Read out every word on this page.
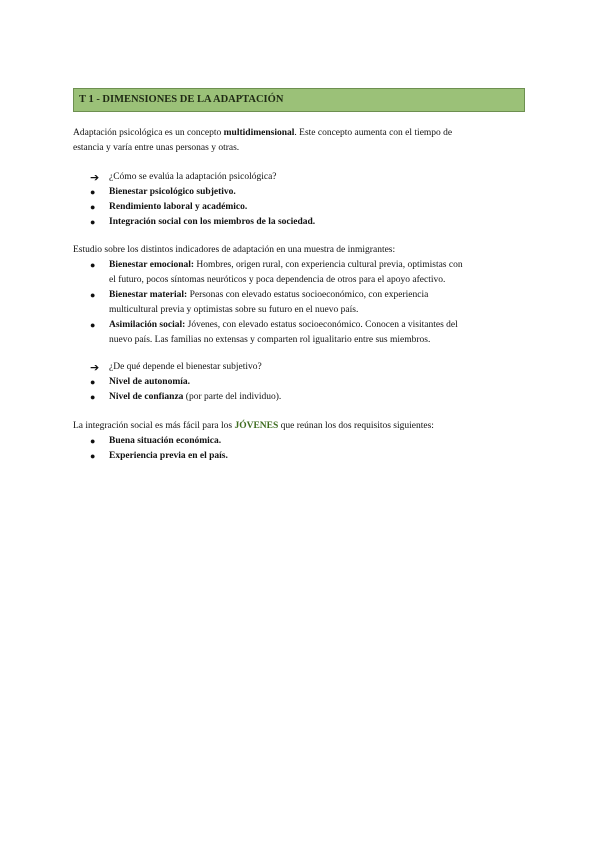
T 1 - DIMENSIONES DE LA ADAPTACIÓN
Adaptación psicológica es un concepto multidimensional. Este concepto aumenta con el tiempo de
estancia y varía entre unas personas y otras.
➔	¿Cómo se evalúa la adaptación psicológica?
●	Bienestar psicológico subjetivo.
●	Rendimiento laboral y académico.
●	Integración social con los miembros de la sociedad.
Estudio sobre los distintos indicadores de adaptación en una muestra de inmigrantes:
●	Bienestar emocional: Hombres, origen rural, con experiencia cultural previa, optimistas con
el futuro, pocos síntomas neuróticos y poca dependencia de otros para el apoyo afectivo.
●	Bienestar material: Personas con elevado estatus socioeconómico, con experiencia
multicultural previa y optimistas sobre su futuro en el nuevo país.
●	Asimilación social: Jóvenes, con elevado estatus socioeconómico. Conocen a visitantes del
nuevo país. Las familias no extensas y comparten rol igualitario entre sus miembros.
➔	¿De qué depende el bienestar subjetivo?
●	Nivel de autonomía.
●	Nivel de confianza (por parte del individuo).
La integración social es más fácil para los JÓVENES que reúnan los dos requisitos siguientes:
●	Buena situación económica.
●	Experiencia previa en el país.
